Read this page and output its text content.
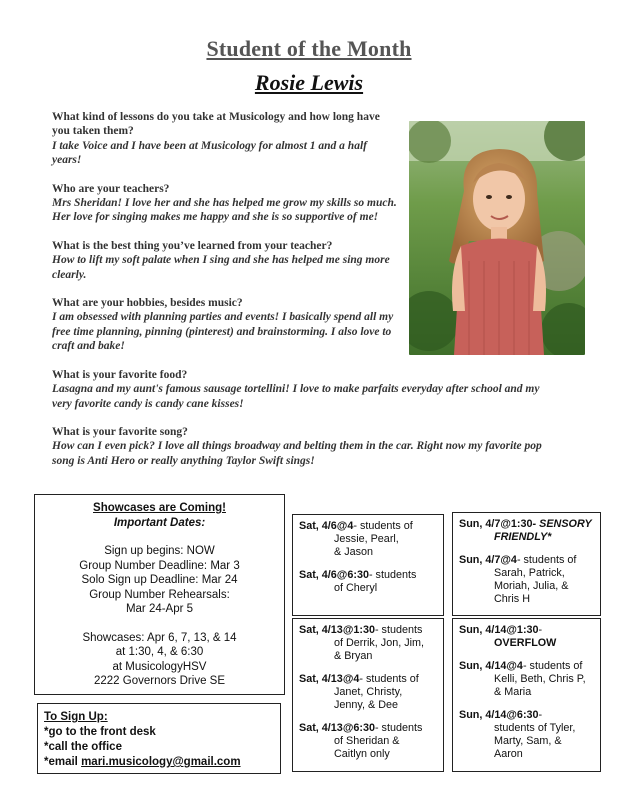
Student of the Month
Rosie Lewis
What kind of lessons do you take at Musicology and how long have you taken them?
I take Voice and I have been at Musicology for almost 1 and a half years!
Who are your teachers?
Mrs Sheridan! I love her and she has helped me grow my skills so much. Her love for singing makes me happy and she is so supportive of me!
What is the best thing you’ve learned from your teacher?
How to lift my soft palate when I sing and she has helped me sing more clearly.
What are your hobbies, besides music?
I am obsessed with planning parties and events! I basically spend all my free time planning, pinning (pinterest) and brainstorming. I also love to craft and bake!
What is your favorite food?
Lasagna and my aunt's famous sausage tortellini! I love to make parfaits everyday after school and my very favorite candy is candy cane kisses!
What is your favorite song?
How can I even pick? I love all things broadway and belting them in the car. Right now my favorite pop song is Anti Hero or really anything Taylor Swift sings!
Showcases are Coming!
Important Dates:
Sign up begins: NOW
Group Number Deadline: Mar 3
Solo Sign up Deadline: Mar 24
Group Number Rehearsals:
Mar 24-Apr 5
Showcases: Apr 6, 7, 13, & 14
at 1:30, 4, & 6:30
at MusicologyHSV
2222 Governors Drive SE
To Sign Up:
*go to the front desk
*call the office
*email mari.musicology@gmail.com
Sat, 4/6@4- students of
Jessie, Pearl,
& Jason
Sat, 4/6@6:30- students
of Cheryl
Sat, 4/13@1:30- students
of Derrik, Jon, Jim,
& Bryan
Sat, 4/13@4- students of
Janet, Christy,
Jenny, & Dee
Sat, 4/13@6:30- students
of Sheridan &
Caitlyn only
Sun, 4/7@1:30- SENSORY
FRIENDLY*
Sun, 4/7@4- students of
Sarah, Patrick,
Moriah, Julia, &
Chris H
Sun, 4/14@1:30-
OVERFLOW
Sun, 4/14@4- students of
Kelli, Beth, Chris P,
& Maria
Sun, 4/14@6:30-
students of Tyler,
Marty, Sam, &
Aaron
